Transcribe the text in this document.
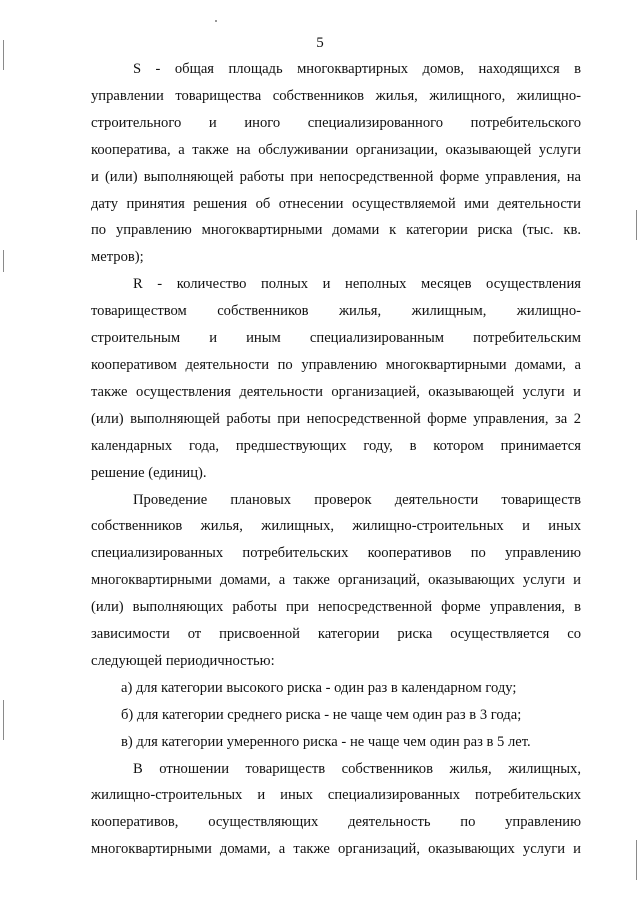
5
S - общая площадь многоквартирных домов, находящихся в
управлении товарищества собственников жилья, жилищного, жилищно-
строительного и иного специализированного потребительского
кооператива, а также на обслуживании организации, оказывающей услуги
и (или) выполняющей работы при непосредственной форме управления, на
дату принятия решения об отнесении осуществляемой ими деятельности
по управлению многоквартирными домами к категории риска (тыс. кв.
метров);
R - количество полных и неполных месяцев осуществления
товариществом собственников жилья, жилищным, жилищно-
строительным и иным специализированным потребительским
кооперативом деятельности по управлению многоквартирными домами, а
также осуществления деятельности организацией, оказывающей услуги и
(или) выполняющей работы при непосредственной форме управления, за 2
календарных года, предшествующих году, в котором принимается
решение (единиц).
Проведение плановых проверок деятельности товариществ
собственников жилья, жилищных, жилищно-строительных и иных
специализированных потребительских кооперативов по управлению
многоквартирными домами, а также организаций, оказывающих услуги и
(или) выполняющих работы при непосредственной форме управления, в
зависимости от присвоенной категории риска осуществляется со
следующей периодичностью:
а) для категории высокого риска - один раз в календарном году;
б) для категории среднего риска - не чаще чем один раз в 3 года;
в) для категории умеренного риска - не чаще чем один раз в 5 лет.
В отношении товариществ собственников жилья, жилищных,
жилищно-строительных и иных специализированных потребительских
кооперативов, осуществляющих деятельность по управлению
многоквартирными домами, а также организаций, оказывающих услуги и
